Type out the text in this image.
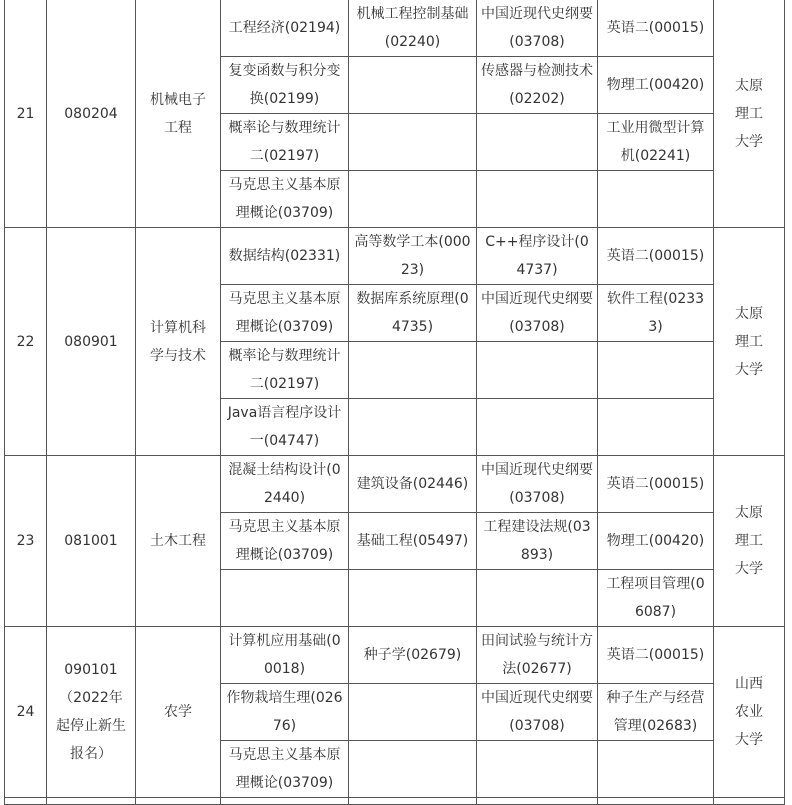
21	080204	机械电子工程	工程经济(02194)	机械工程控制基础(02240)	中国近现代史纲要(03708)	英语二(00015)	太原理工大学
			复变函数与积分变换(02199)		传感器与检测技术(02202)	物理工(00420)	
			概率论与数理统计二(02197)			工业用微型计算机(02241)	
			马克思主义基本原理概论(03709)				
22	080901	计算机科学与技术	数据结构(02331)	高等数学工本(00023)	C++程序设计(04737)	英语二(00015)	太原理工大学
			马克思主义基本原理概论(03709)	数据库系统原理(04735)	中国近现代史纲要(03708)	软件工程(02333)	
			概率论与数理统计二(02197)				
			Java语言程序设计一(04747)				
23	081001	土木工程	混凝土结构设计(02440)	建筑设备(02446)	中国近现代史纲要(03708)	英语二(00015)	太原理工大学
			马克思主义基本原理概论(03709)	基础工程(05497)	工程建设法规(03893)	物理工(00420)	
						工程项目管理(06087)	
24	090101（2022年起停止新生报名）	农学	计算机应用基础(00018)	种子学(02679)	田间试验与统计方法(02677)	英语二(00015)	山西农业大学
			作物栽培生理(02676)		中国近现代史纲要(03708)	种子生产与经营管理(02683)	
			马克思主义基本原理概论(03709)				
